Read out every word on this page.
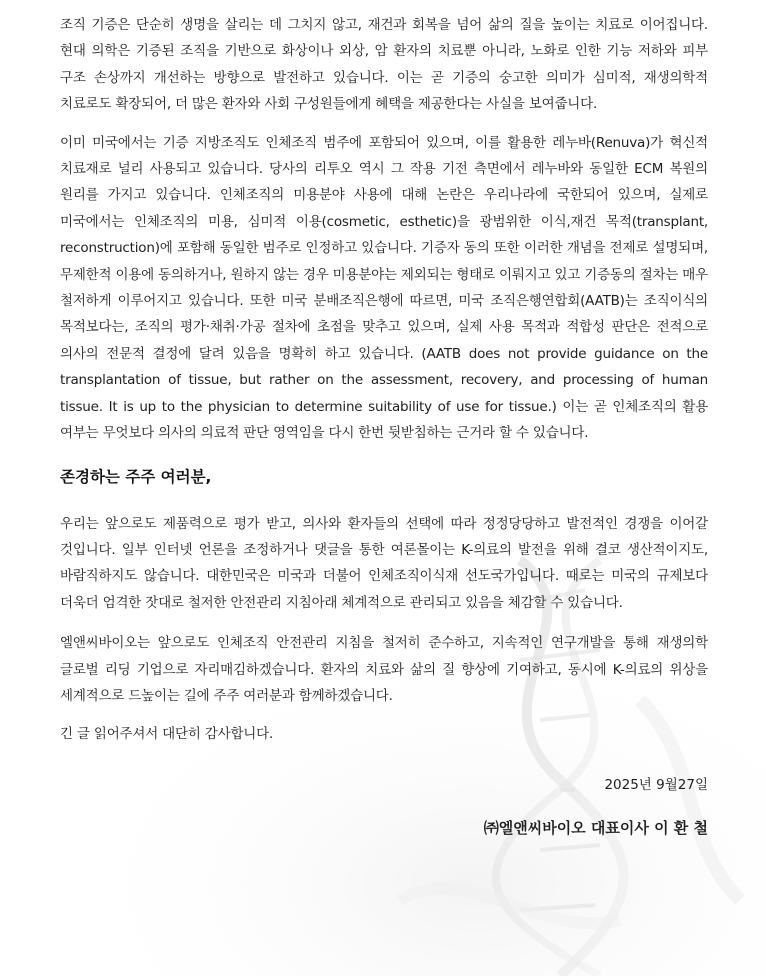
조직 기증은 단순히 생명을 살리는 데 그치지 않고, 재건과 회복을 넘어 삶의 질을 높이는 치료로 이어집니다. 현대 의학은 기증된 조직을 기반으로 화상이나 외상, 암 환자의 치료뿐 아니라, 노화로 인한 기능 저하와 피부 구조 손상까지 개선하는 방향으로 발전하고 있습니다. 이는 곧 기증의 숭고한 의미가 심미적, 재생의학적 치료로도 확장되어, 더 많은 환자와 사회 구성원들에게 혜택을 제공한다는 사실을 보여줍니다.

이미 미국에서는 기증 지방조직도 인체조직 범주에 포함되어 있으며, 이를 활용한 레누바(Renuva)가 혁신적 치료재로 널리 사용되고 있습니다. 당사의 리투오 역시 그 작용 기전 측면에서 레누바와 동일한 ECM 복원의 원리를 가지고 있습니다. 인체조직의 미용분야 사용에 대해 논란은 우리나라에 국한되어 있으며, 실제로 미국에서는 인체조직의 미용, 심미적 이용(cosmetic, esthetic)을 광범위한 이식,재건 목적(transplant, reconstruction)에 포함해 동일한 범주로 인정하고 있습니다. 기증자 동의 또한 이러한 개념을 전제로 설명되며, 무제한적 이용에 동의하거나, 원하지 않는 경우 미용분야는 제외되는 형태로 이뤄지고 있고 기증동의 절차는 매우 철저하게 이루어지고 있습니다. 또한 미국 분배조직은행에 따르면, 미국 조직은행연합회(AATB)는 조직이식의 목적보다는, 조직의 평가·채취·가공 절차에 초점을 맞추고 있으며, 실제 사용 목적과 적합성 판단은 전적으로 의사의 전문적 결정에 달려 있음을 명확히 하고 있습니다. (AATB does not provide guidance on the transplantation of tissue, but rather on the assessment, recovery, and processing of human tissue. It is up to the physician to determine suitability of use for tissue.) 이는 곧 인체조직의 활용 여부는 무엇보다 의사의 의료적 판단 영역임을 다시 한번 뒷받침하는 근거라 할 수 있습니다.

존경하는 주주 여러분,

우리는 앞으로도 제품력으로 평가 받고, 의사와 환자들의 선택에 따라 정정당당하고 발전적인 경쟁을 이어갈 것입니다. 일부 인터넷 언론을 조정하거나 댓글을 통한 여론몰이는 K-의료의 발전을 위해 결코 생산적이지도, 바람직하지도 않습니다. 대한민국은 미국과 더불어 인체조직이식재 선도국가입니다. 때로는 미국의 규제보다 더욱더 엄격한 잣대로 철저한 안전관리 지침아래 체계적으로 관리되고 있음을 체감할 수 있습니다.

엘앤씨바이오는 앞으로도 인체조직 안전관리 지침을 철저히 준수하고, 지속적인 연구개발을 통해 재생의학 글로벌 리딩 기업으로 자리매김하겠습니다. 환자의 치료와 삶의 질 향상에 기여하고, 동시에 K-의료의 위상을 세계적으로 드높이는 길에 주주 여러분과 함께하겠습니다.

긴 글 읽어주셔서 대단히 감사합니다.

2025년 9월27일
㈜엘앤씨바이오 대표이사 이 환 철
